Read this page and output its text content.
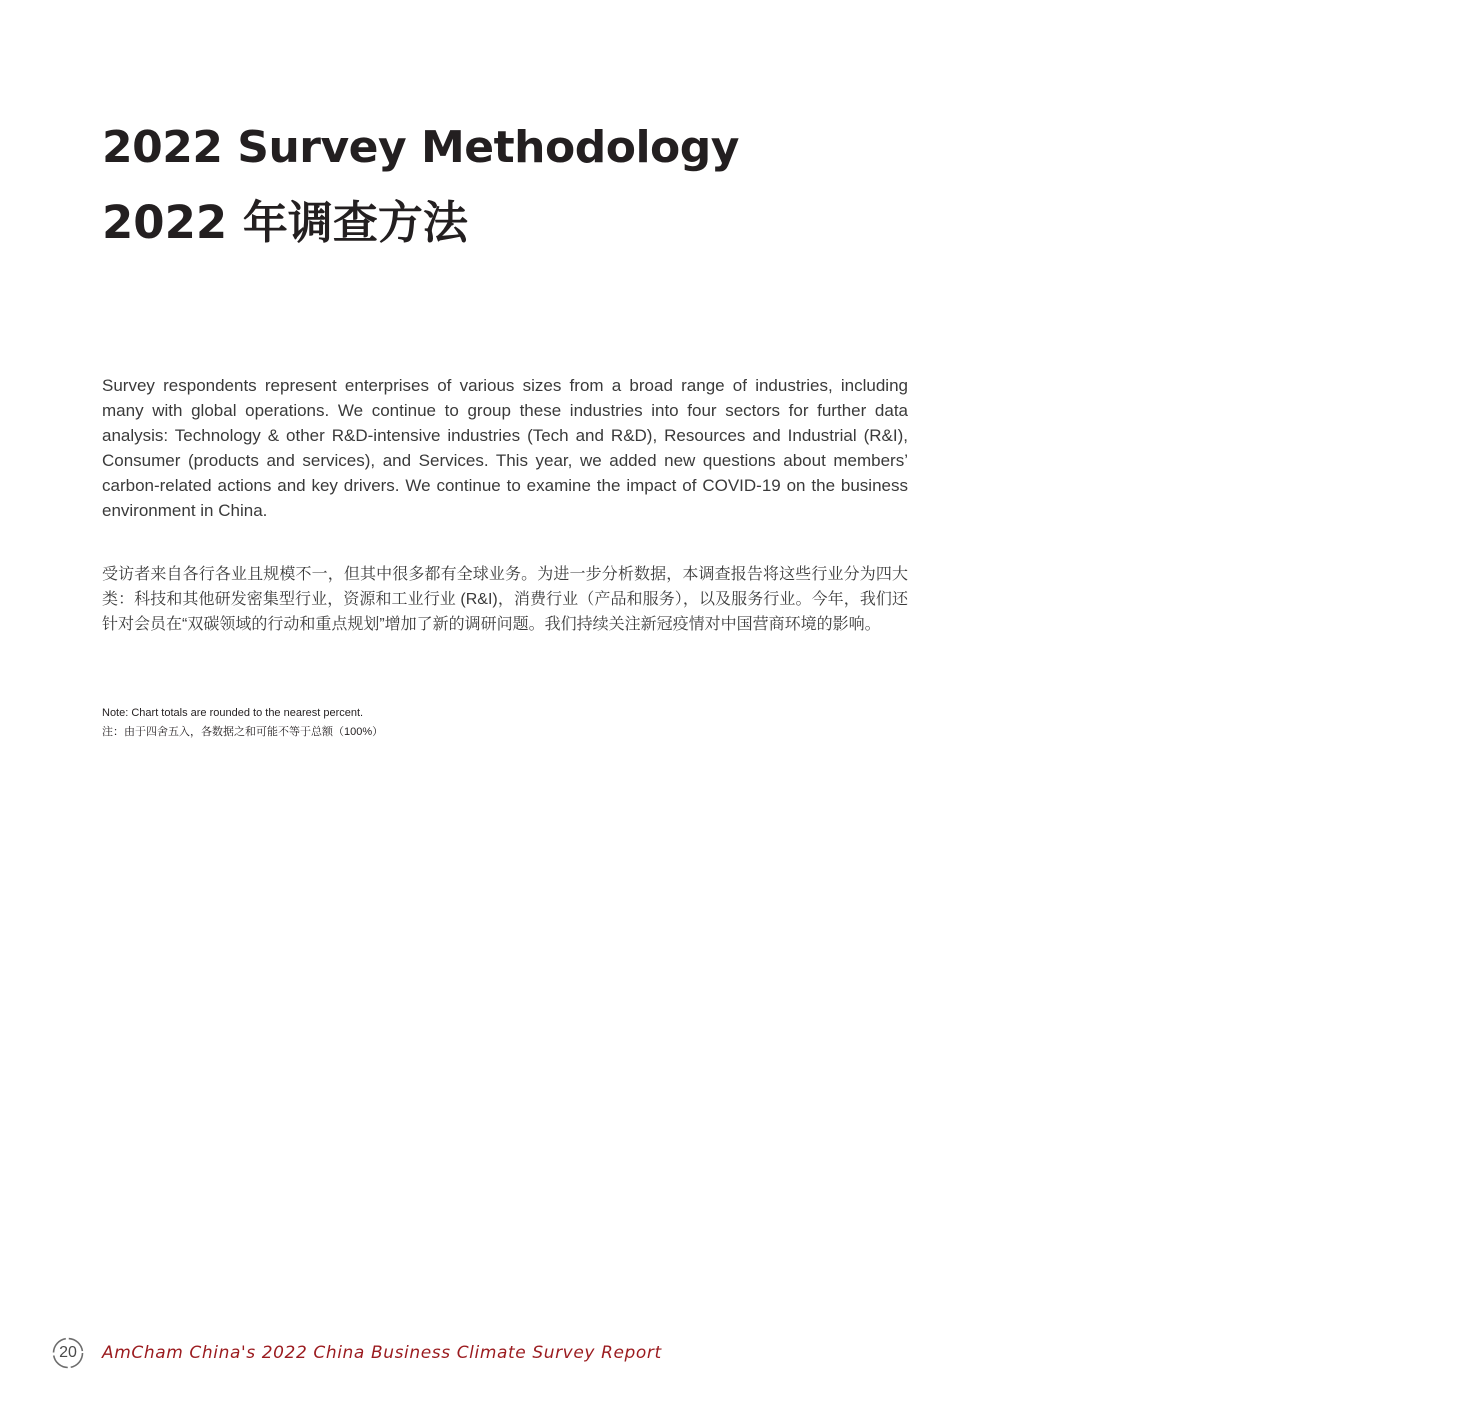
2022 Survey Methodology
2022 年调查方法

Survey respondents represent enterprises of various sizes from a broad range of industries, including many with global operations. We continue to group these industries into four sectors for further data analysis: Technology & other R&D-intensive industries (Tech and R&D), Resources and Industrial (R&I), Consumer (products and services), and Services. This year, we added new questions about members’ carbon-related actions and key drivers. We continue to examine the impact of COVID-19 on the business environment in China.

受访者来自各行各业且规模不一，但其中很多都有全球业务。为进一步分析数据，本调查报告将这些行业分为四大类：科技和其他研发密集型行业，资源和工业行业 (R&I)，消费行业（产品和服务），以及服务行业。今年，我们还针对会员在“双碳领域的行动和重点规划”增加了新的调研问题。我们持续关注新冠疫情对中国营商环境的影响。

Note: Chart totals are rounded to the nearest percent.
注：由于四舍五入，各数据之和可能不等于总额（100%）
20 AmCham China's 2022 China Business Climate Survey Report
